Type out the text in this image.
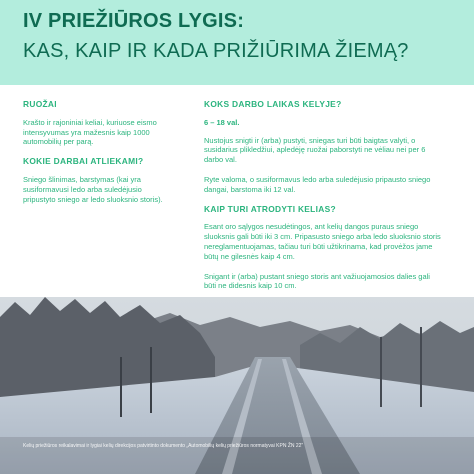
IV PRIEŽIŪROS LYGIS:
KAS, KAIP IR KADA PRIŽIŪRIMA ŽIEMĄ?
RUOŽAI
Krašto ir rajoniniai keliai, kuriuose eismo intensyvumas yra mažesnis kaip 1000 automobilių per parą.
KOKIE DARBAI ATLIEKAMI?
Sniego šlinimas, barstymas (kai yra susiformavusi ledo arba suledėjusio pripustyto sniego ar ledo sluoksnio storis).
KOKS DARBO LAIKAS KELYJE?
6 – 18 val.
Nustojus snigti ir (arba) pustyti, sniegas turi būti baigtas valyti, o susidarius plikledžiui, apledėję ruožai paborstyti ne vėliau nei per 6 darbo val.
Ryte valoma, o susiformavus ledo arba suledėjusio pripausto sniego dangai, barstoma iki 12 val.
KAIP TURI ATRODYTI KELIAS?
Esant oro sąlygos nesudėtingos, ant kelių dangos puraus sniego sluoksnis gali būti iki 3 cm. Pripasusto sniego arba ledo sluoksnio storis nereglamentuojamas, tačiau turi būti užtikrinama, kad provėžos jame būtų ne gilesnės kaip 4 cm.
Snigant ir (arba) pustant sniego storis ant važiuojamosios dalies gali būti ne didesnis kaip 10 cm.
Kelių priežiūros reikalavimai ir lygiai kelių direkcijos patvirtinto dokumento „Automobilių kelių priežiūros normatyvai KPN ŽN 22“
